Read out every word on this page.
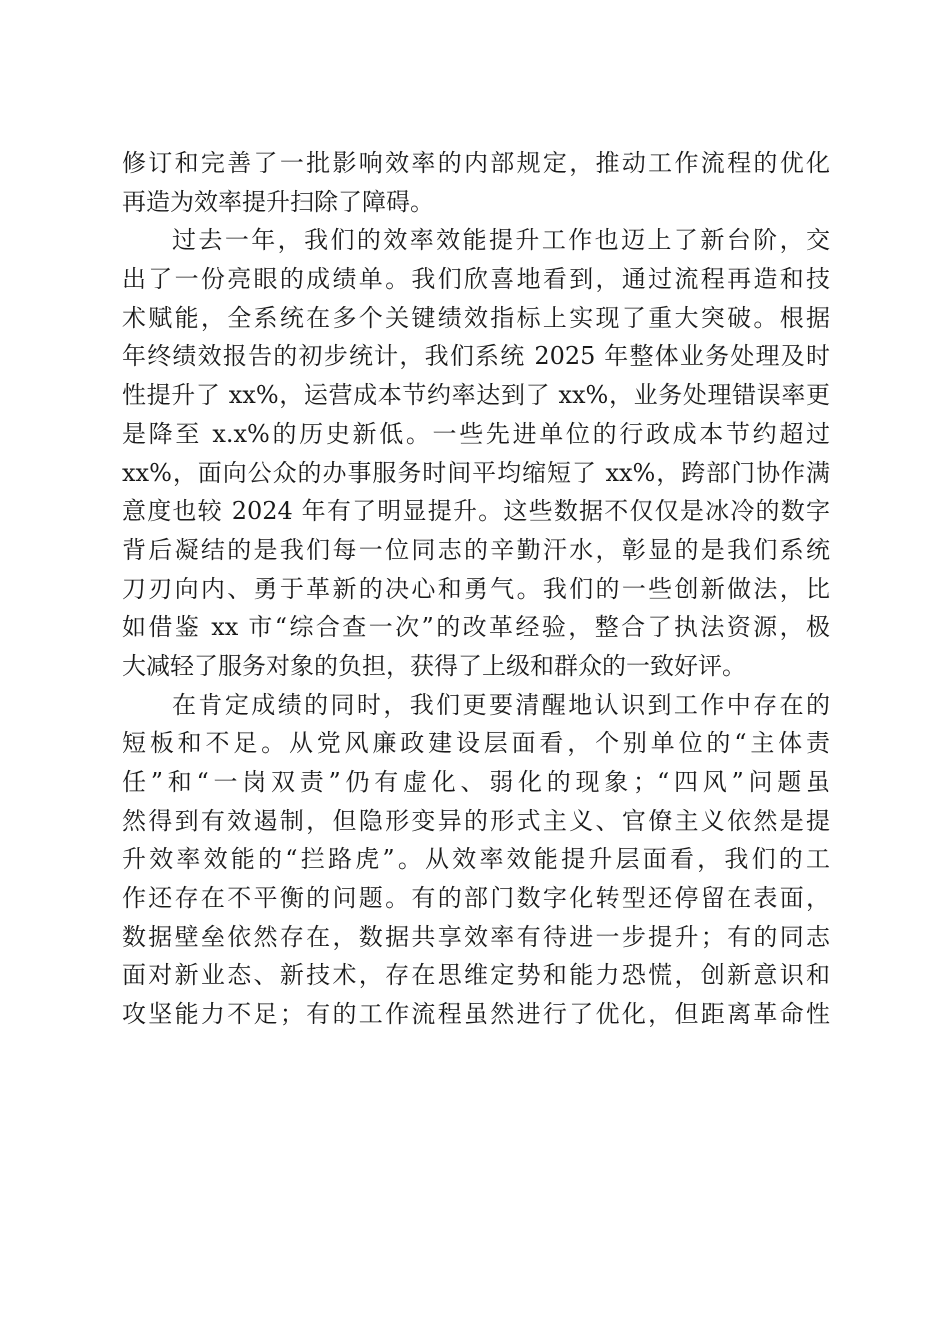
修订和完善了一批影响效率的内部规定，推动工作流程的优化
再造为效率提升扫除了障碍。
过去一年，我们的效率效能提升工作也迈上了新台阶，交
出了一份亮眼的成绩单。我们欣喜地看到，通过流程再造和技
术赋能，全系统在多个关键绩效指标上实现了重大突破。根据
年终绩效报告的初步统计，我们系统 2025 年整体业务处理及时
性提升了 xx%，运营成本节约率达到了 xx%，业务处理错误率更
是降至 x.x%的历史新低。一些先进单位的行政成本节约超过
xx%，面向公众的办事服务时间平均缩短了 xx%，跨部门协作满
意度也较 2024 年有了明显提升。这些数据不仅仅是冰冷的数字
背后凝结的是我们每一位同志的辛勤汗水，彰显的是我们系统
刀刃向内、勇于革新的决心和勇气。我们的一些创新做法，比
如借鉴 xx 市“综合查一次”的改革经验，整合了执法资源，极
大减轻了服务对象的负担，获得了上级和群众的一致好评。
在肯定成绩的同时，我们更要清醒地认识到工作中存在的
短板和不足。从党风廉政建设层面看，个别单位的“主体责
任”和“一岗双责”仍有虚化、弱化的现象；“四风”问题虽
然得到有效遏制，但隐形变异的形式主义、官僚主义依然是提
升效率效能的“拦路虎”。从效率效能提升层面看，我们的工
作还存在不平衡的问题。有的部门数字化转型还停留在表面，
数据壁垒依然存在，数据共享效率有待进一步提升；有的同志
面对新业态、新技术，存在思维定势和能力恐慌，创新意识和
攻坚能力不足；有的工作流程虽然进行了优化，但距离革命性
